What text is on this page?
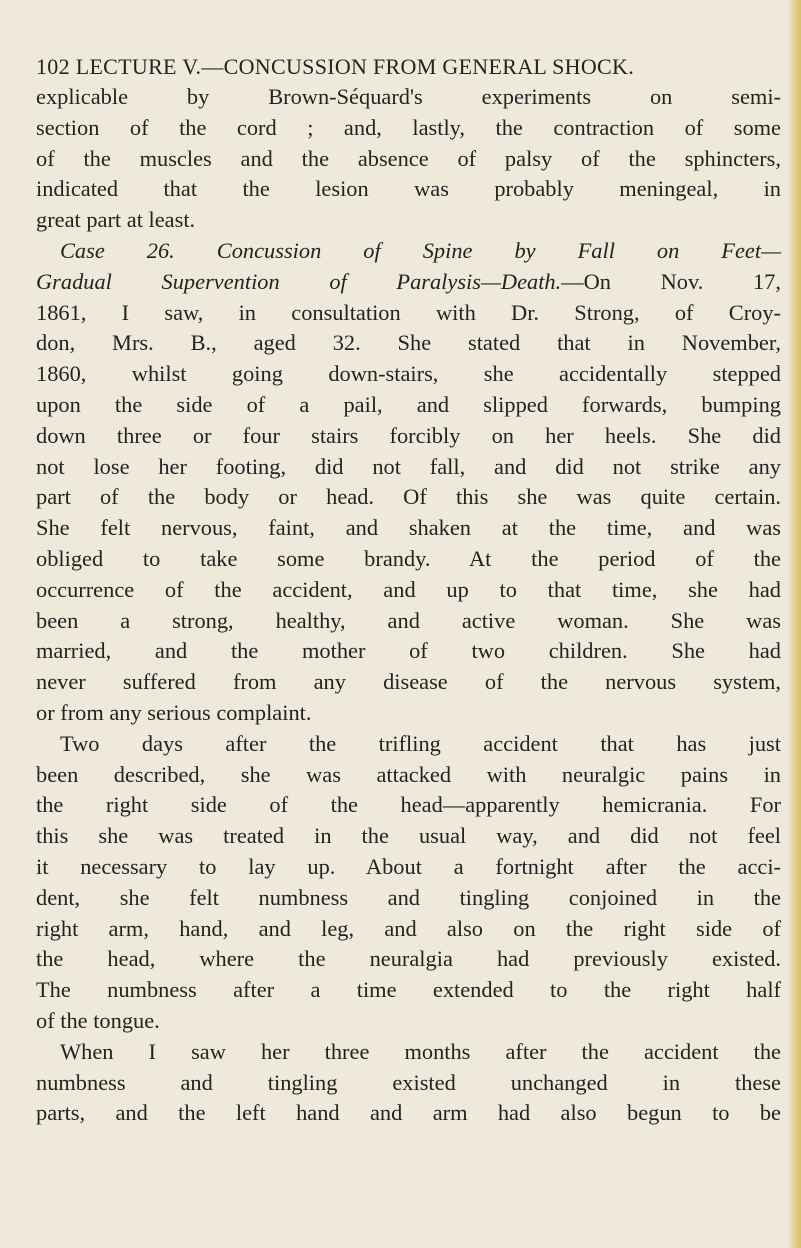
102 LECTURE V.—CONCUSSION FROM GENERAL SHOCK.
explicable by Brown-Séquard's experiments on semi-
section of the cord ; and, lastly, the contraction of some
of the muscles and the absence of palsy of the sphincters,
indicated that the lesion was probably meningeal, in
great part at least.
Case 26. Concussion of Spine by Fall on Feet—
Gradual Supervention of Paralysis—Death.—On Nov. 17,
1861, I saw, in consultation with Dr. Strong, of Croy-
don, Mrs. B., aged 32. She stated that in November,
1860, whilst going down-stairs, she accidentally stepped
upon the side of a pail, and slipped forwards, bumping
down three or four stairs forcibly on her heels. She did
not lose her footing, did not fall, and did not strike any
part of the body or head. Of this she was quite certain.
She felt nervous, faint, and shaken at the time, and was
obliged to take some brandy. At the period of the
occurrence of the accident, and up to that time, she had
been a strong, healthy, and active woman. She was
married, and the mother of two children. She had
never suffered from any disease of the nervous system,
or from any serious complaint.
Two days after the trifling accident that has just
been described, she was attacked with neuralgic pains in
the right side of the head—apparently hemicrania. For
this she was treated in the usual way, and did not feel
it necessary to lay up. About a fortnight after the acci-
dent, she felt numbness and tingling conjoined in the
right arm, hand, and leg, and also on the right side of
the head, where the neuralgia had previously existed.
The numbness after a time extended to the right half
of the tongue.
When I saw her three months after the accident the
numbness and tingling existed unchanged in these
parts, and the left hand and arm had also begun to be
